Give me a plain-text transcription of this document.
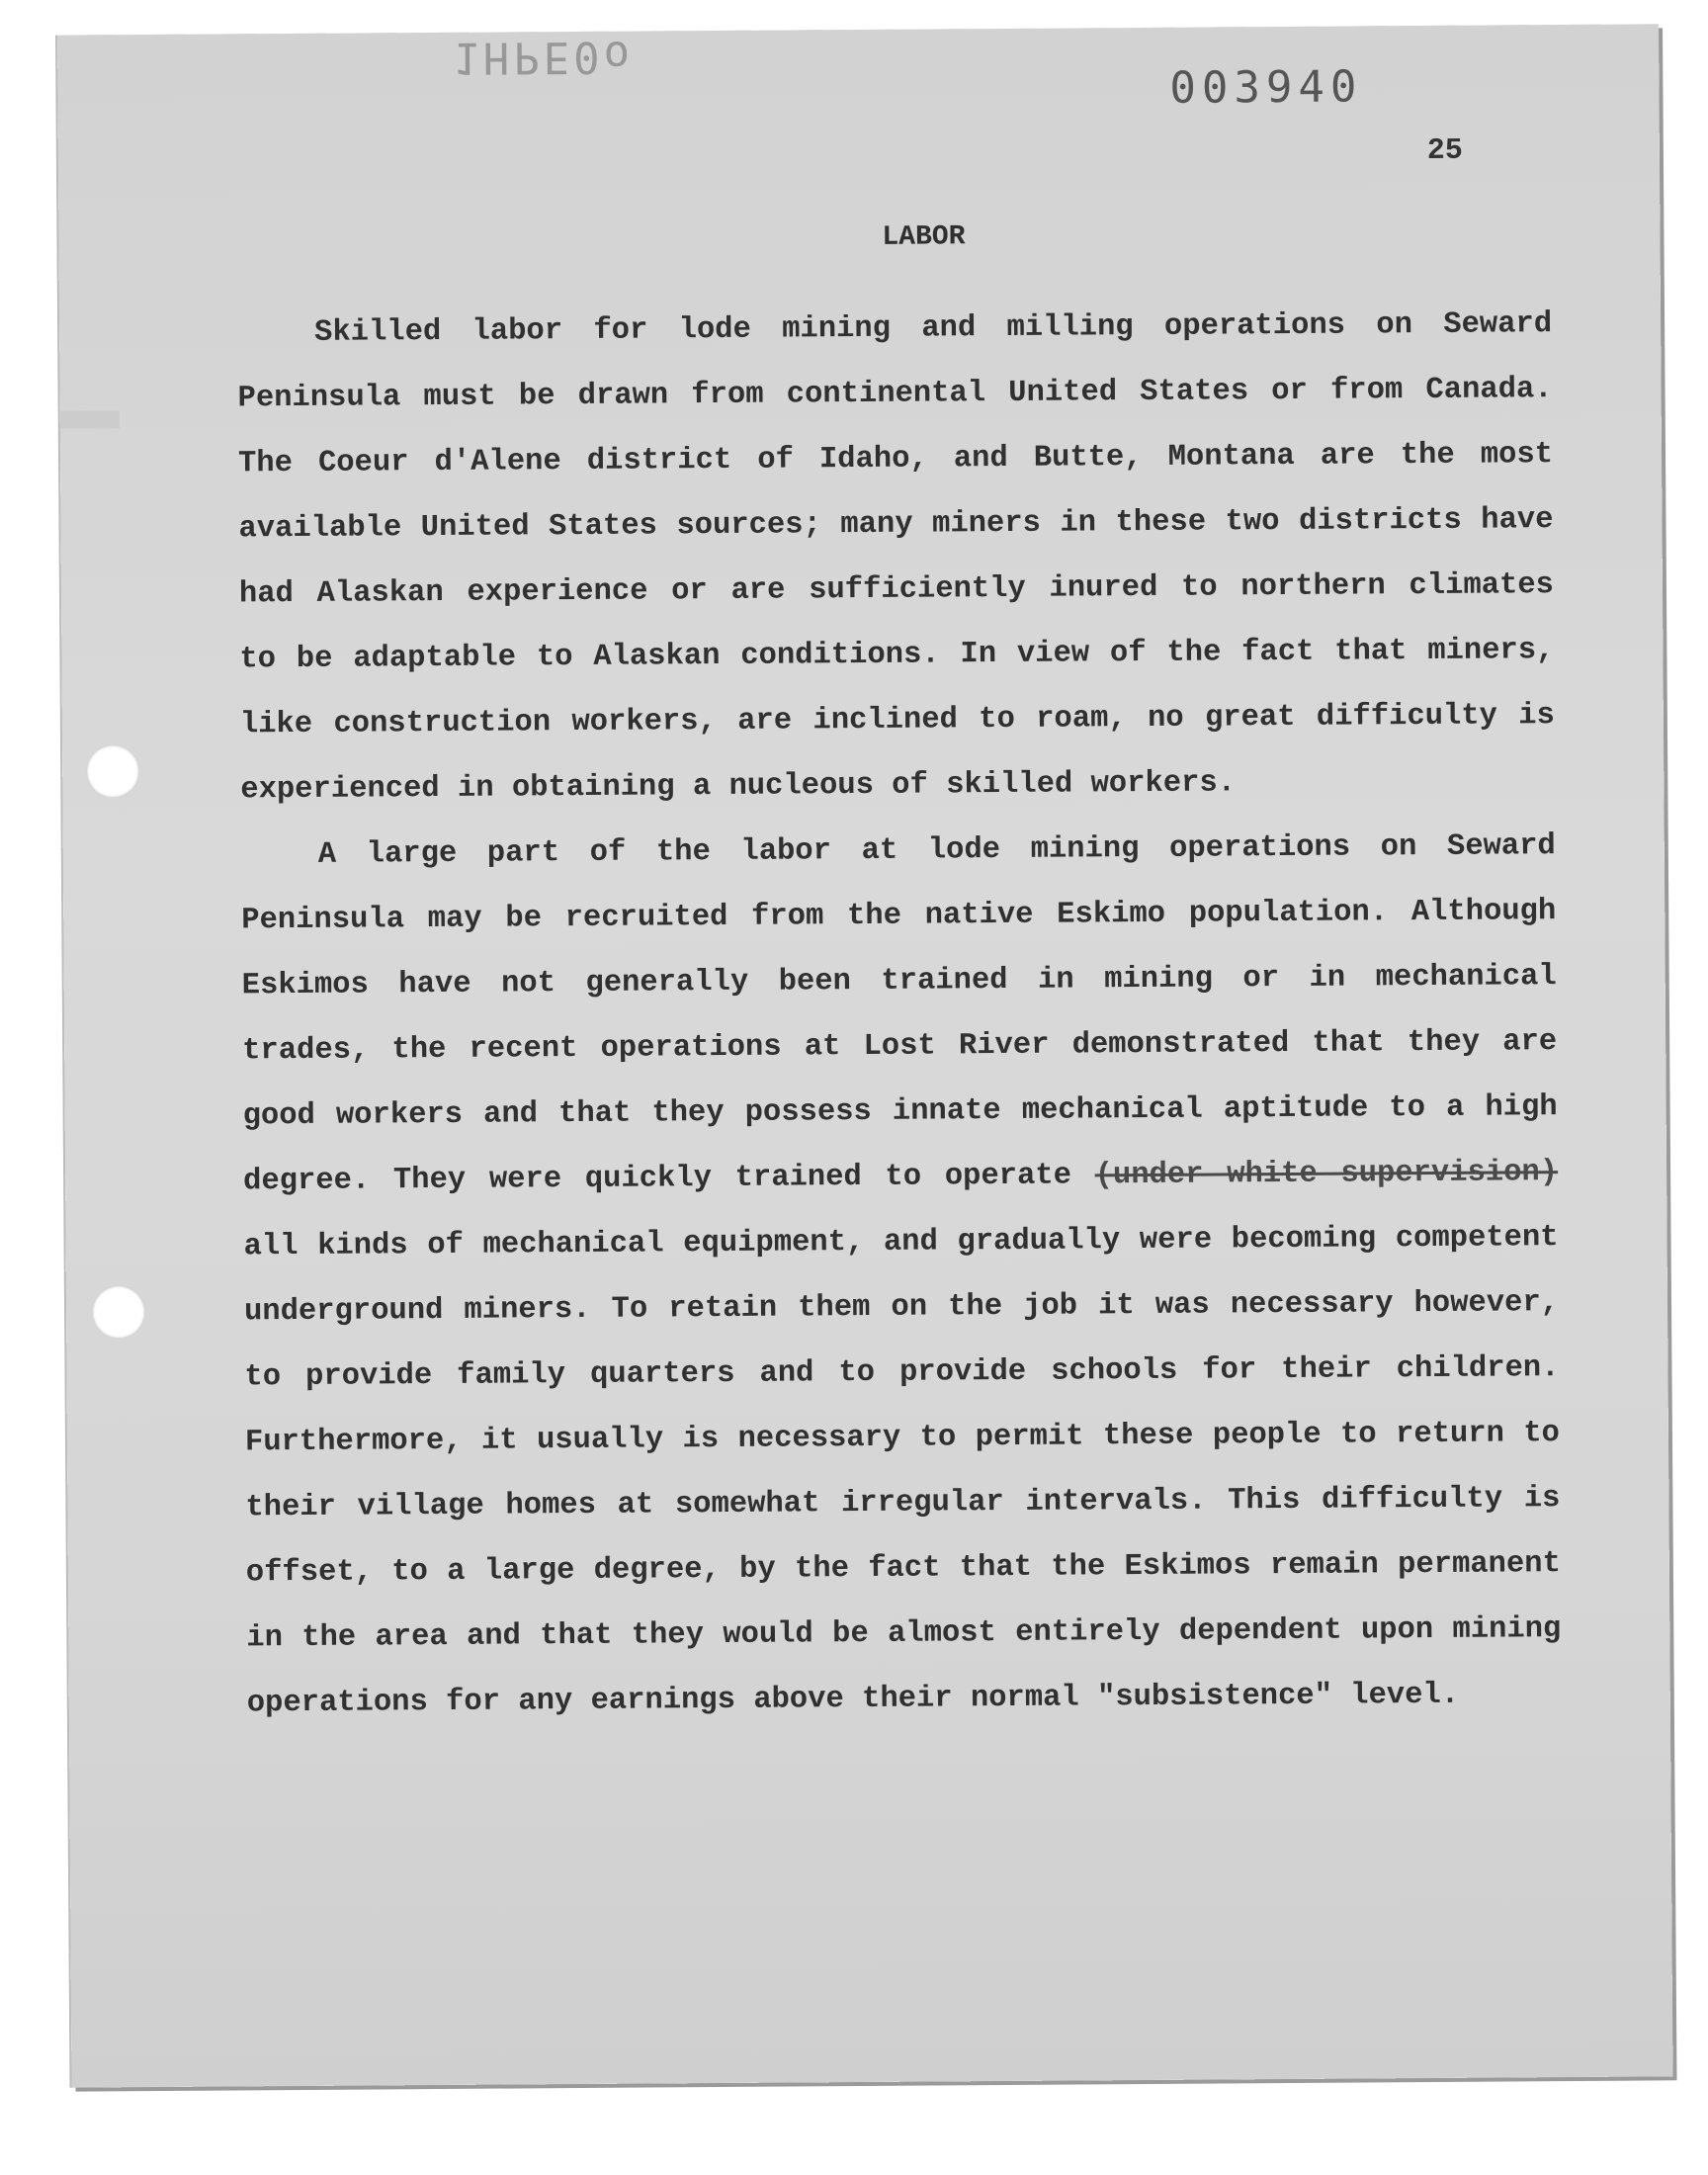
1HPE0o
003940
25
LABOR

Skilled labor for lode mining and milling operations on Seward Peninsula must be drawn from continental United States or from Canada. The Coeur d'Alene district of Idaho, and Butte, Montana are the most available United States sources; many miners in these two districts have had Alaskan experience or are sufficiently inured to northern climates to be adaptable to Alaskan conditions. In view of the fact that miners, like construction workers, are inclined to roam, no great difficulty is experienced in obtaining a nucleous of skilled workers.

A large part of the labor at lode mining operations on Seward Peninsula may be recruited from the native Eskimo population. Although Eskimos have not generally been trained in mining or in mechanical trades, the recent operations at Lost River demonstrated that they are good workers and that they possess innate mechanical aptitude to a high degree. They were quickly trained to operate (under white supervision) all kinds of mechanical equipment, and gradually were becoming competent underground miners. To retain them on the job it was necessary however, to provide family quarters and to provide schools for their children. Furthermore, it usually is necessary to permit these people to return to their village homes at somewhat irregular intervals. This difficulty is offset, to a large degree, by the fact that the Eskimos remain permanent in the area and that they would be almost entirely dependent upon mining operations for any earnings above their normal "subsistence" level.
